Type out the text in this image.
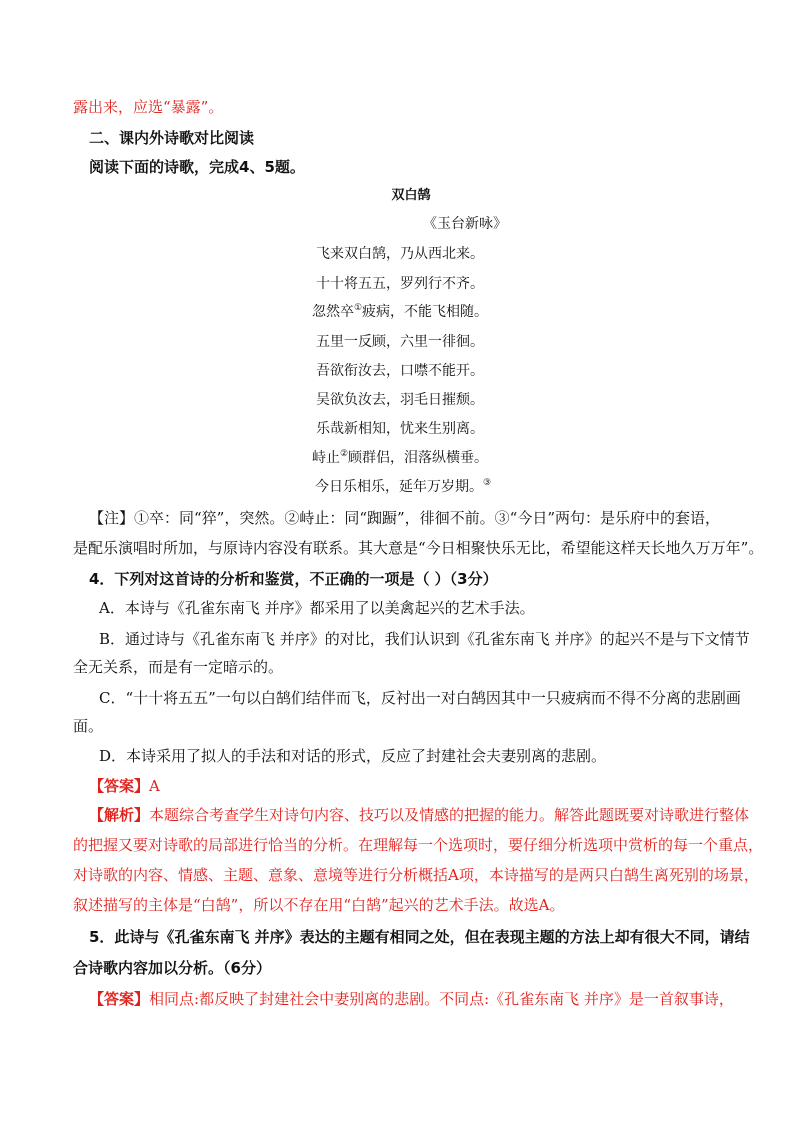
露出来，应选“暴露”。
二、课内外诗歌对比阅读
阅读下面的诗歌，完成4、5题。
双白鹄
《玉台新咏》
飞来双白鹄，乃从西北来。
十十将五五，罗列行不齐。
忽然卒①疲病，不能飞相随。
五里一反顾，六里一徘徊。
吾欲衔汝去，口噤不能开。
吴欲负汝去，羽毛日摧颓。
乐哉新相知，忧来生别离。
峙止②顾群侣，泪落纵横垂。
今日乐相乐，延年万岁期。③
【注】①卒：同“猝”，突然。②峙止：同“踟蹰”，徘徊不前。③“今日”两句：是乐府中的套语，
是配乐演唱时所加，与原诗内容没有联系。其大意是“今日相聚快乐无比，希望能这样天长地久万万年”。
4．下列对这首诗的分析和鉴赏，不正确的一项是（ ）（3分）
A．本诗与《孔雀东南飞 并序》都采用了以美禽起兴的艺术手法。
B．通过诗与《孔雀东南飞 并序》的对比，我们认识到《孔雀东南飞 并序》的起兴不是与下文情节
全无关系，而是有一定暗示的。
C．“十十将五五”一句以白鹄们结伴而飞，反衬出一对白鹄因其中一只疲病而不得不分离的悲剧画
面。
D．本诗采用了拟人的手法和对话的形式，反应了封建社会夫妻别离的悲剧。
【答案】A
【解析】本题综合考查学生对诗句内容、技巧以及情感的把握的能力。解答此题既要对诗歌进行整体
的把握又要对诗歌的局部进行恰当的分析。在理解每一个选项时，要仔细分析选项中赏析的每一个重点，
对诗歌的内容、情感、主题、意象、意境等进行分析概括A项，本诗描写的是两只白鹄生离死别的场景，
叙述描写的主体是“白鹄”，所以不存在用“白鹄”起兴的艺术手法。故选A。
5．此诗与《孔雀东南飞 并序》表达的主题有相同之处，但在表现主题的方法上却有很大不同，请结
合诗歌内容加以分析。（6分）
【答案】相同点:都反映了封建社会中妻别离的悲剧。不同点:《孔雀东南飞 并序》是一首叙事诗，
